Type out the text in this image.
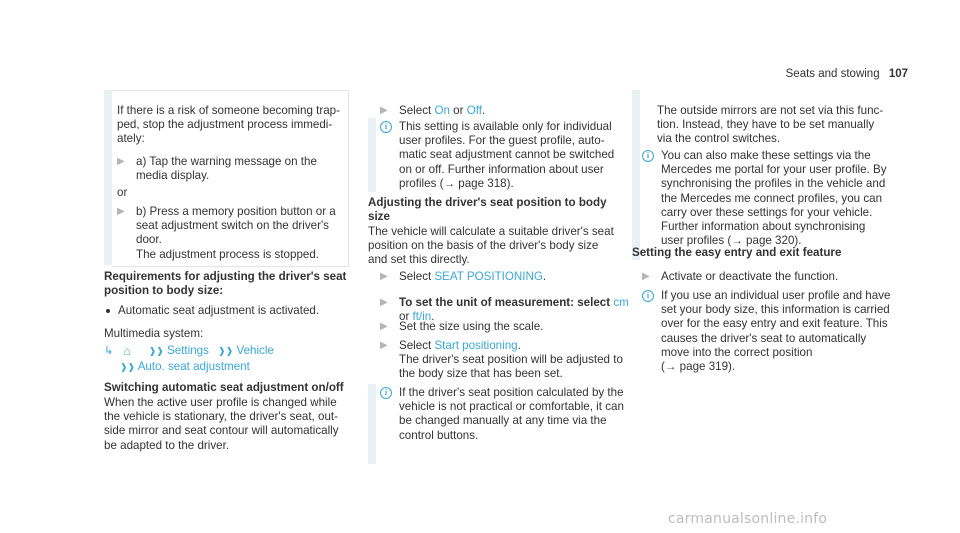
Seats and stowing 107

If there is a risk of someone becoming trap-
ped, stop the adjustment process immedi-
ately:

▶ a) Tap the warning message on the
media display.

or

▶ b) Press a memory position button or a
seat adjustment switch on the driver's
door.
The adjustment process is stopped.

Requirements for adjusting the driver's seat
position to body size:

Automatic seat adjustment is activated.

Multimedia system:

↳ ⌂ ❱❱ Settings ❱❱ Vehicle
❱❱ Auto. seat adjustment

Switching automatic seat adjustment on/off

When the active user profile is changed while
the vehicle is stationary, the driver's seat, out-
side mirror and seat contour will automatically
be adapted to the driver.

▶ Select On or Off.
i	This setting is available only for individual
user profiles. For the guest profile, auto-
matic seat adjustment cannot be switched
on or off. Further information about user
profiles (→ page 318).

Adjusting the driver's seat position to body
size

The vehicle will calculate a suitable driver's seat
position on the basis of the driver's body size
and set this directly.

▶ Select SEAT POSITIONING.
▶ To set the unit of measurement: select cm
or ft/in.
▶ Set the size using the scale.
▶ Select Start positioning.
The driver's seat position will be adjusted to
the body size that has been set.
i	If the driver's seat position calculated by the
vehicle is not practical or comfortable, it can
be changed manually at any time via the
control buttons.

The outside mirrors are not set via this func-
tion. Instead, they have to be set manually
via the control switches.

i	You can also make these settings via the
Mercedes me portal for your user profile. By
synchronising the profiles in the vehicle and
the Mercedes me connect profiles, you can
carry over these settings for your vehicle.
Further information about synchronising
user profiles (→ page 320).

Setting the easy entry and exit feature

▶ Activate or deactivate the function.
i	If you use an individual user profile and have
set your body size, this information is carried
over for the easy entry and exit feature. This
causes the driver's seat to automatically
move into the correct position
(→ page 319).
carmanualsonline.info
